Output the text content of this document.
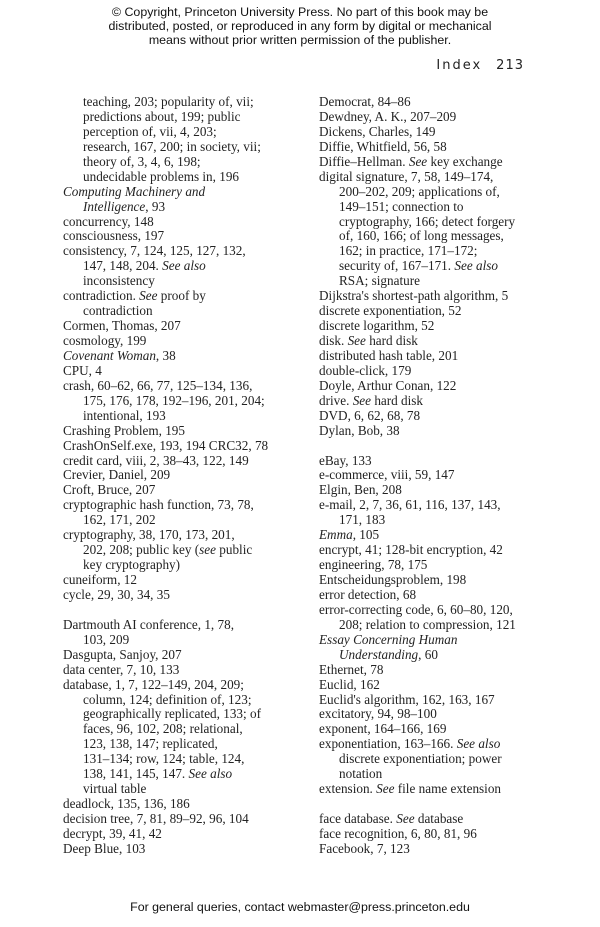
© Copyright, Princeton University Press. No part of this book may be
distributed, posted, or reproduced in any form by digital or mechanical
means without prior written permission of the publisher.
Index 213
teaching, 203; popularity of, vii;
predictions about, 199; public
perception of, vii, 4, 203;
research, 167, 200; in society, vii;
theory of, 3, 4, 6, 198;
undecidable problems in, 196
Computing Machinery and
Intelligence, 93
concurrency, 148
consciousness, 197
consistency, 7, 124, 125, 127, 132,
147, 148, 204. See also
inconsistency
contradiction. See proof by
contradiction
Cormen, Thomas, 207
cosmology, 199
Covenant Woman, 38
CPU, 4
crash, 60–62, 66, 77, 125–134, 136,
175, 176, 178, 192–196, 201, 204;
intentional, 193
Crashing Problem, 195
CrashOnSelf.exe, 193, 194 CRC32, 78
credit card, viii, 2, 38–43, 122, 149
Crevier, Daniel, 209
Croft, Bruce, 207
cryptographic hash function, 73, 78,
162, 171, 202
cryptography, 38, 170, 173, 201,
202, 208; public key (see public
key cryptography)
cuneiform, 12
cycle, 29, 30, 34, 35
Dartmouth AI conference, 1, 78,
103, 209
Dasgupta, Sanjoy, 207
data center, 7, 10, 133
database, 1, 7, 122–149, 204, 209;
column, 124; definition of, 123;
geographically replicated, 133; of
faces, 96, 102, 208; relational,
123, 138, 147; replicated,
131–134; row, 124; table, 124,
138, 141, 145, 147. See also
virtual table
deadlock, 135, 136, 186
decision tree, 7, 81, 89–92, 96, 104
decrypt, 39, 41, 42
Deep Blue, 103
Democrat, 84–86
Dewdney, A. K., 207–209
Dickens, Charles, 149
Diffie, Whitfield, 56, 58
Diffie–Hellman. See key exchange
digital signature, 7, 58, 149–174,
200–202, 209; applications of,
149–151; connection to
cryptography, 166; detect forgery
of, 160, 166; of long messages,
162; in practice, 171–172;
security of, 167–171. See also
RSA; signature
Dijkstra's shortest-path algorithm, 5
discrete exponentiation, 52
discrete logarithm, 52
disk. See hard disk
distributed hash table, 201
double-click, 179
Doyle, Arthur Conan, 122
drive. See hard disk
DVD, 6, 62, 68, 78
Dylan, Bob, 38
eBay, 133
e-commerce, viii, 59, 147
Elgin, Ben, 208
e-mail, 2, 7, 36, 61, 116, 137, 143,
171, 183
Emma, 105
encrypt, 41; 128-bit encryption, 42
engineering, 78, 175
Entscheidungsproblem, 198
error detection, 68
error-correcting code, 6, 60–80, 120,
208; relation to compression, 121
Essay Concerning Human
Understanding, 60
Ethernet, 78
Euclid, 162
Euclid's algorithm, 162, 163, 167
excitatory, 94, 98–100
exponent, 164–166, 169
exponentiation, 163–166. See also
discrete exponentiation; power
notation
extension. See file name extension
face database. See database
face recognition, 6, 80, 81, 96
Facebook, 7, 123
For general queries, contact webmaster@press.princeton.edu
